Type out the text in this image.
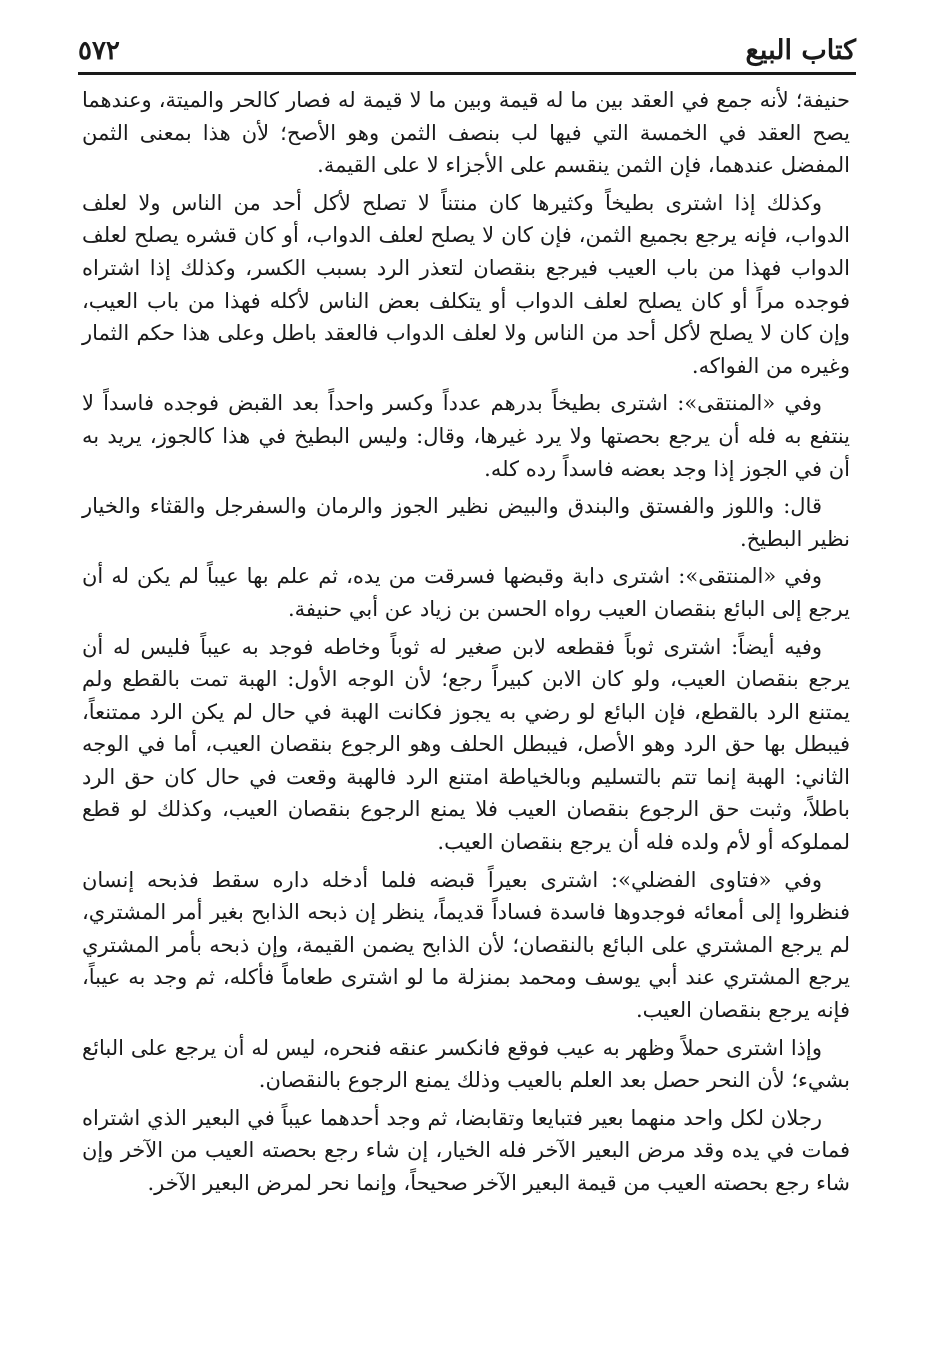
كتاب البيع
٥٧٢

حنيفة؛ لأنه جمع في العقد بين ما له قيمة وبين ما لا قيمة له فصار كالحر والميتة، وعندهما يصح العقد في الخمسة التي فيها لب بنصف الثمن وهو الأصح؛ لأن هذا بمعنى الثمن المفضل عندهما، فإن الثمن ينقسم على الأجزاء لا على القيمة.

وكذلك إذا اشترى بطيخاً وكثيرها كان منتناً لا تصلح لأكل أحد من الناس ولا لعلف الدواب، فإنه يرجع بجميع الثمن، فإن كان لا يصلح لعلف الدواب، أو كان قشره يصلح لعلف الدواب فهذا من باب العيب فيرجع بنقصان لتعذر الرد بسبب الكسر، وكذلك إذا اشتراه فوجده مراً أو كان يصلح لعلف الدواب أو يتكلف بعض الناس لأكله فهذا من باب العيب، وإن كان لا يصلح لأكل أحد من الناس ولا لعلف الدواب فالعقد باطل وعلى هذا حكم الثمار وغيره من الفواكه.

وفي «المنتقى»: اشترى بطيخاً بدرهم عدداً وكسر واحداً بعد القبض فوجده فاسداً لا ينتفع به فله أن يرجع بحصتها ولا يرد غيرها، وقال: وليس البطيخ في هذا كالجوز، يريد به أن في الجوز إذا وجد بعضه فاسداً رده كله.

قال: واللوز والفستق والبندق والبيض نظير الجوز والرمان والسفرجل والقثاء والخيار نظير البطيخ.

وفي «المنتقى»: اشترى دابة وقبضها فسرقت من يده، ثم علم بها عيباً لم يكن له أن يرجع إلى البائع بنقصان العيب رواه الحسن بن زياد عن أبي حنيفة.

وفيه أيضاً: اشترى ثوباً فقطعه لابن صغير له ثوباً وخاطه فوجد به عيباً فليس له أن يرجع بنقصان العيب، ولو كان الابن كبيراً رجع؛ لأن الوجه الأول: الهبة تمت بالقطع ولم يمتنع الرد بالقطع، فإن البائع لو رضي به يجوز فكانت الهبة في حال لم يكن الرد ممتنعاً، فيبطل بها حق الرد وهو الأصل، فيبطل الحلف وهو الرجوع بنقصان العيب، أما في الوجه الثاني: الهبة إنما تتم بالتسليم وبالخياطة امتنع الرد فالهبة وقعت في حال كان حق الرد باطلاً، وثبت حق الرجوع بنقصان العيب فلا يمنع الرجوع بنقصان العيب، وكذلك لو قطع لمملوكه أو لأم ولده فله أن يرجع بنقصان العيب.

وفي «فتاوى الفضلي»: اشترى بعيراً قبضه فلما أدخله داره سقط فذبحه إنسان فنظروا إلى أمعائه فوجدوها فاسدة فساداً قديماً، ينظر إن ذبحه الذابح بغير أمر المشتري، لم يرجع المشتري على البائع بالنقصان؛ لأن الذابح يضمن القيمة، وإن ذبحه بأمر المشتري يرجع المشتري عند أبي يوسف ومحمد بمنزلة ما لو اشترى طعاماً فأكله، ثم وجد به عيباً، فإنه يرجع بنقصان العيب.

وإذا اشترى حملاً وظهر به عيب فوقع فانكسر عنقه فنحره، ليس له أن يرجع على البائع بشيء؛ لأن النحر حصل بعد العلم بالعيب وذلك يمنع الرجوع بالنقصان.

رجلان لكل واحد منهما بعير فتبايعا وتقابضا، ثم وجد أحدهما عيباً في البعير الذي اشتراه فمات في يده وقد مرض البعير الآخر فله الخيار، إن شاء رجع بحصته العيب من الآخر وإن شاء رجع بحصته العيب من قيمة البعير الآخر صحيحاً، وإنما نحر لمرض البعير الآخر.
